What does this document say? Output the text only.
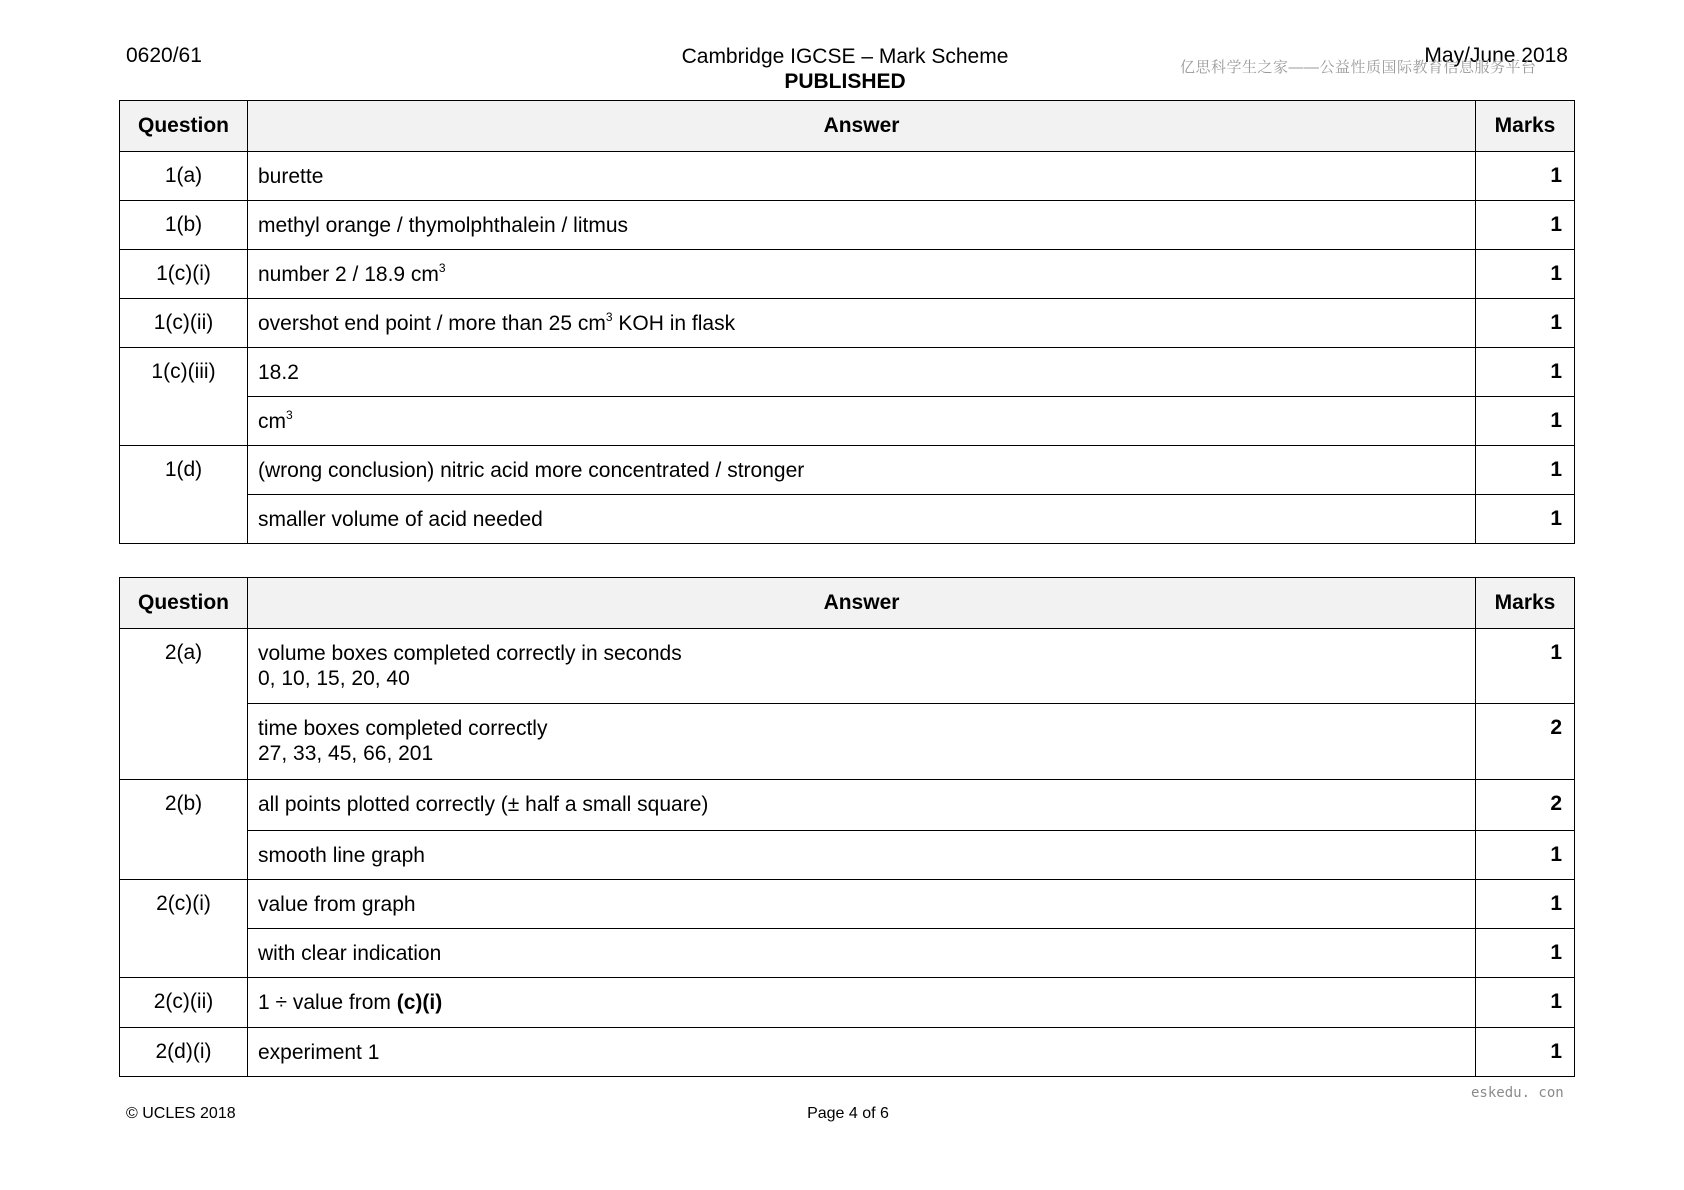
0620/61	Cambridge IGCSE – Mark Scheme
PUBLISHED
May/June 2018
亿思科学生之家——公益性质国际教育信息服务平台
Question	Answer	Marks
1(a)	burette	1
1(b)	methyl orange / thymolphthalein / litmus	1
1(c)(i)	number 2 / 18.9 $cm^3$	1
1(c)(ii)	overshot end point / more than 25 $cm^3$ KOH in flask	1
1(c)(iii)	18.2	1
	$cm^3$	1
1(d)	(wrong conclusion) nitric acid more concentrated / stronger	1
	smaller volume of acid needed	1
Question	Answer	Marks
2(a)	volume boxes completed correctly in seconds
0, 10, 15, 20, 40	1

	time boxes completed correctly
27, 33, 45, 66, 201	2
2(b)	all points plotted correctly (± half a small square)	2
	smooth line graph	1
2(c)(i)	value from graph	1
	with clear indication	1
2(c)(ii)	1 ÷ value from (c)(i)	1
2(d)(i)	experiment 1	1
eskedu. con
© UCLES 2018	Page 4 of 6
